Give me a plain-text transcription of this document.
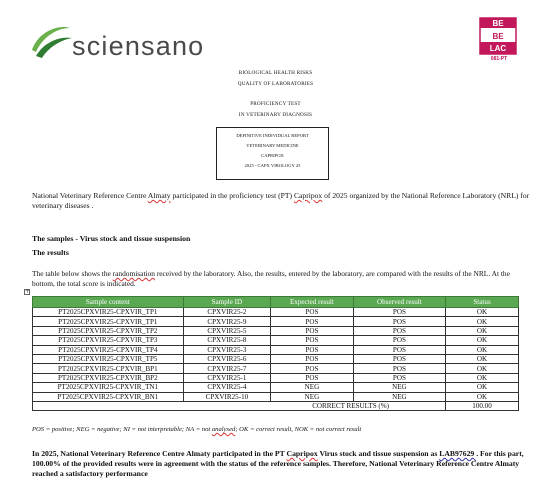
sciensano
BE
BE
LAC
081-PT
BIOLOGICAL HEALTH RISKS
QUALITY OF LABORATORIES
PROFICIENCY TEST
IN VETERINARY DIAGNOSIS
DEFINITIVE INDIVIDUAL REPORT
VETERINARY MEDICINE
CAPRIPOX
2025 - CAPX VIROLOGY 25
National Veterinary Reference Centre Almaty participated in the proficiency test (PT) Capripox of 2025 organized by the National Reference Laboratory (NRL) for veterinary diseases .
The samples - Virus stock and tissue suspension
The results
The table below shows the randomisation received by the laboratory. Also, the results, entered by the laboratory, are compared with the results of the NRL. At the bottom, the total score is indicated.
+
Sample content	Sample ID	Expected result	Observed result	Status
PT2025CPXVIR25-CPXVIR_TP1	CPXVIR25-2	POS	POS	OK
PT2025CPXVIR25-CPXVIR_TP1	CPXVIR25-9	POS	POS	OK
PT2025CPXVIR25-CPXVIR_TP2	CPXVIR25-5	POS	POS	OK
PT2025CPXVIR25-CPXVIR_TP3	CPXVIR25-8	POS	POS	OK
PT2025CPXVIR25-CPXVIR_TP4	CPXVIR25-3	POS	POS	OK
PT2025CPXVIR25-CPXVIR_TP5	CPXVIR25-6	POS	POS	OK
PT2025CPXVIR25-CPXVIR_BP1	CPXVIR25-7	POS	POS	OK
PT2025CPXVIR25-CPXVIR_BP2	CPXVIR25-1	POS	POS	OK
PT2025CPXVIR25-CPXVIR_TN1	CPXVIR25-4	NEG	NEG	OK
PT2025CPXVIR25-CPXVIR_BN1	CPXVIR25-10	NEG	NEG	OK
CORRECT RESULTS (%)				100.00
POS = positive; NEG = negative; NI = not interpretable; NA = not analysed; OK = correct result, NOK = not correct result
In 2025, National Veterinary Reference Centre Almaty participated in the PT Capripox Virus stock and tissue suspension as LAB97629 . For this part, 100.00% of the provided results were in agreement with the status of the reference samples. Therefore, National Veterinary Reference Centre Almaty reached a satisfactory performance
